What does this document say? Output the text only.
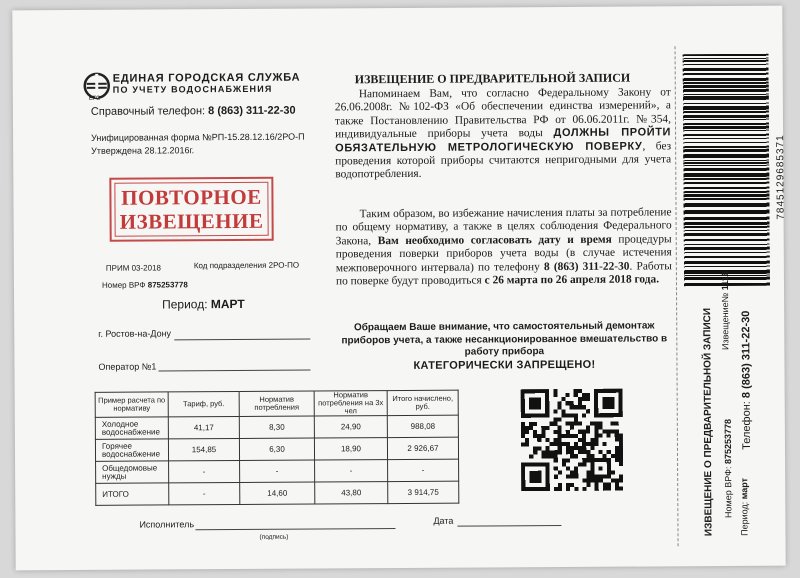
ЕГС
ЕДИНАЯ ГОРОДСКАЯ СЛУЖБА
ПО УЧЕТУ ВОДОСНАБЖЕНИЯ
Справочный телефон: 8 (863) 311-22-30
Унифицированная форма №РП-15.28.12.16/2РО-П
Утверждена 28.12.2016г.
ПОВТОРНОЕ
ИЗВЕЩЕНИЕ
ПРИМ 03-2018	Код подразделения 2РО-ПО
Номер ВРФ 875253778
Период: МАРТ
г. Ростов-на-Дону
Оператор №1
ИЗВЕЩЕНИЕ О ПРЕДВАРИТЕЛЬНОЙ ЗАПИСИ
Напоминаем Вам, что согласно Федеральному Закону от 26.06.2008г. №102-ФЗ «Об обеспечении единства измерений», а также Постановлению Правительства РФ от 06.06.2011г. №354, индивидуальные приборы учета воды ДОЛЖНЫ ПРОЙТИ ОБЯЗАТЕЛЬНУЮ МЕТРОЛОГИЧЕСКУЮ ПОВЕРКУ, без проведения которой приборы считаются непригодными для учета водопотребления.
Таким образом, во избежание начисления платы за потребление по общему нормативу, а также в целях соблюдения Федерального Закона, Вам необходимо согласовать дату и время процедуры проведения поверки приборов учета воды (в случае истечения межповерочного интервала) по телефону 8 (863) 311-22-30. Работы по поверке будут проводиться с 26 марта по 26 апреля 2018 года.
Обращаем Ваше внимание, что самостоятельный демонтаж приборов учета, а также несанкционированное вмешательство в работу прибора
КАТЕГОРИЧЕСКИ ЗАПРЕЩЕНО!
Пример расчета по нормативу	Тариф, руб.	Норматив потребления	Норматив потребления на 3х чел	Итого начислено, руб.
Холодное водоснабжение	41,17	8,30	24,90	988,08
Горячее водоснабжение	154,85	6,30	18,90	2 926,67
Общедомовые нужды	-	-	-	-
ИТОГО	-	14,60	43,80	3 914,75
Исполнитель
(подпись)
Дата
7845129685371
ИЗВЕЩЕНИЕ О ПРЕДВАРИТЕЛЬНОЙ ЗАПИСИ Извещение№ 1116
Номер ВРФ: 875253778 Телефон: 8 (863) 311-22-30
Период: март
